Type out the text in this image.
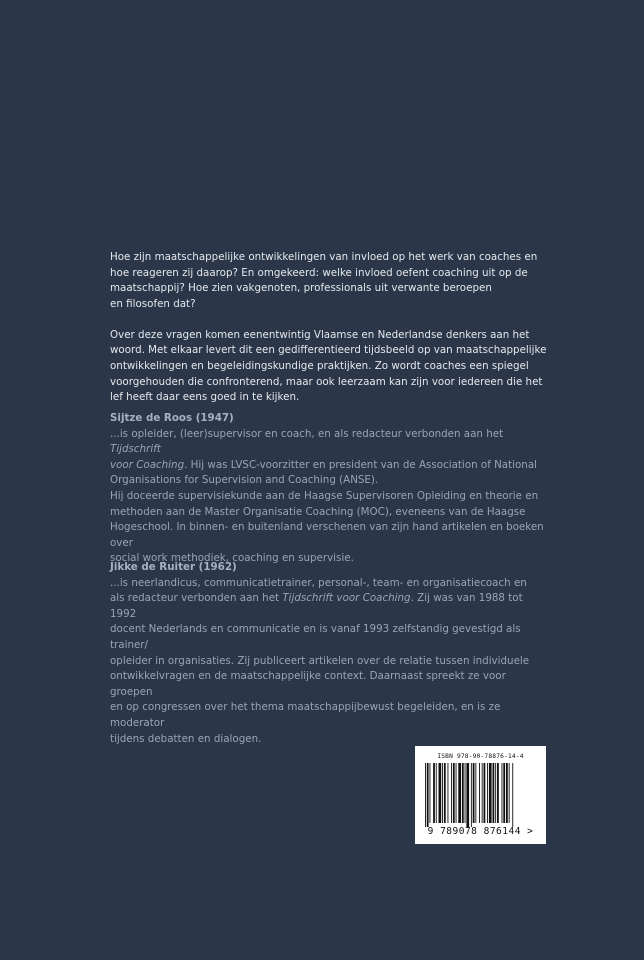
Hoe zijn maatschappelijke ontwikkelingen van invloed op het werk van coaches en
hoe reageren zij daarop? En omgekeerd: welke invloed oefent coaching uit op de
maatschappij? Hoe zien vakgenoten, professionals uit verwante beroepen
en filosofen dat?

Over deze vragen komen eenentwintig Vlaamse en Nederlandse denkers aan het
woord. Met elkaar levert dit een gedifferentieerd tijdsbeeld op van maatschappelijke
ontwikkelingen en begeleidingskundige praktijken. Zo wordt coaches een spiegel
voorgehouden die confronterend, maar ook leerzaam kan zijn voor iedereen die het
lef heeft daar eens goed in te kijken.

Sijtze de Roos (1947)
...is opleider, (leer)supervisor en coach, en als redacteur verbonden aan het Tijdschrift
voor Coaching. Hij was LVSC-voorzitter en president van de Association of National
Organisations for Supervision and Coaching (ANSE).
Hij doceerde supervisiekunde aan de Haagse Supervisoren Opleiding en theorie en
methoden aan de Master Organisatie Coaching (MOC), eveneens van de Haagse
Hogeschool. In binnen- en buitenland verschenen van zijn hand artikelen en boeken over
social work methodiek, coaching en supervisie.
Jikke de Ruiter (1962)
...is neerlandicus, communicatietrainer, personal-, team- en organisatiecoach en
als redacteur verbonden aan het Tijdschrift voor Coaching. Zij was van 1988 tot 1992
docent Nederlands en communicatie en is vanaf 1993 zelfstandig gevestigd als trainer/
opleider in organisaties. Zij publiceert artikelen over de relatie tussen individuele
ontwikkelvragen en de maatschappelijke context. Daarnaast spreekt ze voor groepen
en op congressen over het thema maatschappijbewust begeleiden, en is ze moderator
tijdens debatten en dialogen.
ISBN 978-90-78876-14-4
9 789078 876144 >
